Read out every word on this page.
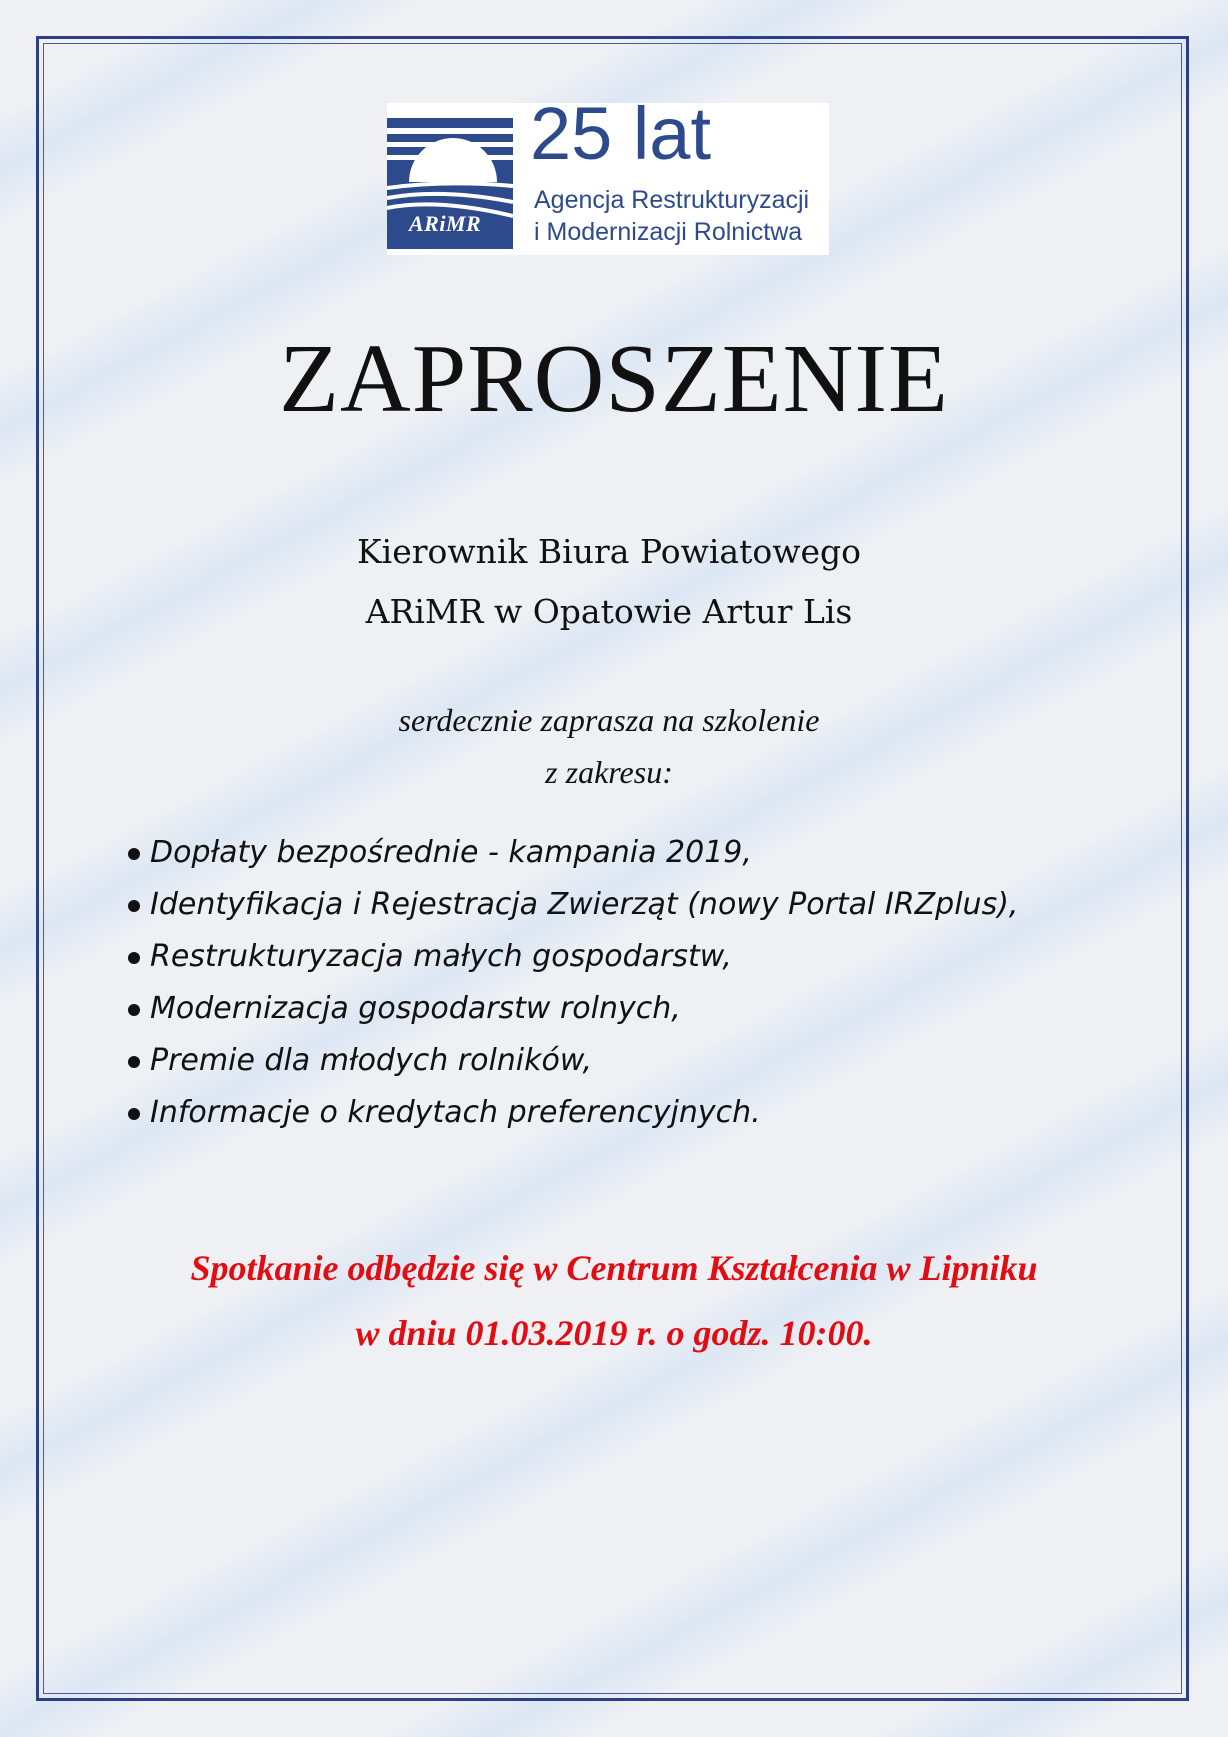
ARiMR
25 lat
Agencja Restrukturyzacji
i Modernizacji Rolnictwa
ZAPROSZENIE
Kierownik Biura Powiatowego
ARiMR w Opatowie Artur Lis
serdecznie zaprasza na szkolenie
z zakresu:
Dopłaty bezpośrednie - kampania 2019,
Identyfikacja i Rejestracja Zwierząt (nowy Portal IRZplus),
Restrukturyzacja małych gospodarstw,
Modernizacja gospodarstw rolnych,
Premie dla młodych rolników,
Informacje o kredytach preferencyjnych.
Spotkanie odbędzie się w Centrum Kształcenia w Lipniku
w dniu 01.03.2019 r. o godz. 10:00.
